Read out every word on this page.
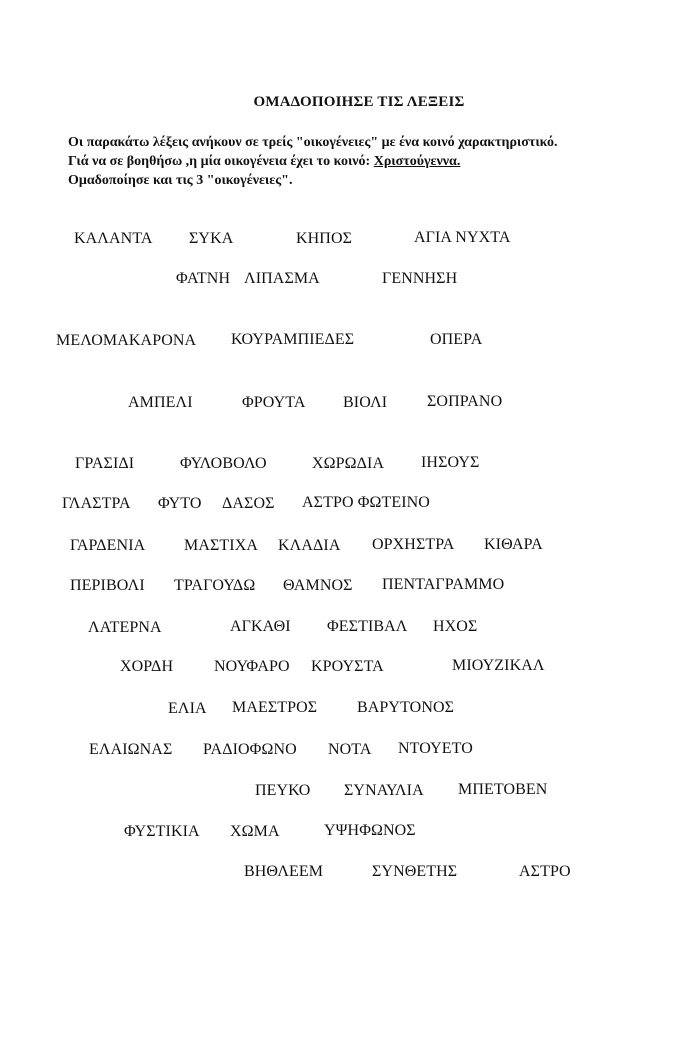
ΟΜΑΔΟΠΟΙΗΣΕ ΤΙΣ ΛΕΞΕΙΣ
Οι παρακάτω λέξεις ανήκουν σε τρείς "οικογένειες" με ένα κοινό χαρακτηριστικό.
Γιά να σε βοηθήσω ,η μία οικογένεια έχει το κοινό: Χριστούγεννα.
Ομαδοποίησε και τις 3 "οικογένειες".
ΚΑΛΑΝΤΑ ΣΥΚΑ	ΚΗΠΟΣ	ΑΓΙΑ ΝΥΧΤΑ
ΦΑΤΝΗ ΛΙΠΑΣΜΑ	ΓΕΝΝΗΣΗ
ΜΕΛΟΜΑΚΑΡΟΝΑ ΚΟΥΡΑΜΠΙΕΔΕΣ	ΟΠΕΡΑ
ΑΜΠΕΛΙ	ΦΡΟΥΤΑ ΒΙΟΛΙ ΣΟΠΡΑΝΟ
ΓΡΑΣΙΔΙ	ΦΥΛΟΒΟΛΟ	ΧΩΡΩΔΙΑ ΙΗΣΟΥΣ
ΓΛΑΣΤΡΑ ΦΥΤΟ ΔΑΣΟΣ ΑΣΤΡΟ ΦΩΤΕΙΝΟ
ΓΑΡΔΕΝΙΑ ΜΑΣΤΙΧΑ ΚΛΑΔΙΑ ΟΡΧΗΣΤΡΑ ΚΙΘΑΡΑ
ΠΕΡΙΒΟΛΙ ΤΡΑΓΟΥΔΩ ΘΑΜΝΟΣ ΠΕΝΤΑΓΡΑΜΜΟ
ΛΑΤΕΡΝΑ	ΑΓΚΑΘΙ ΦΕΣΤΙΒΑΛ ΗΧΟΣ
ΧΟΡΔΗ	ΝΟΥΦΑΡΟ ΚΡΟΥΣΤΑ	ΜΙΟΥΖΙΚΑΛ
ΕΛΙΑ ΜΑΕΣΤΡΟΣ ΒΑΡΥΤΟΝΟΣ
ΕΛΑΙΩΝΑΣ ΡΑΔΙΟΦΩΝΟ ΝΟΤΑ ΝΤΟΥΕΤΟ
ΠΕΥΚΟ ΣΥΝΑΥΛΙΑ ΜΠΕΤΟΒΕΝ
ΦΥΣΤΙΚΙΑ ΧΩΜΑ	ΥΨΗΦΩΝΟΣ
ΒΗΘΛΕΕΜ	ΣΥΝΘΕΤΗΣ	ΑΣΤΡΟ
